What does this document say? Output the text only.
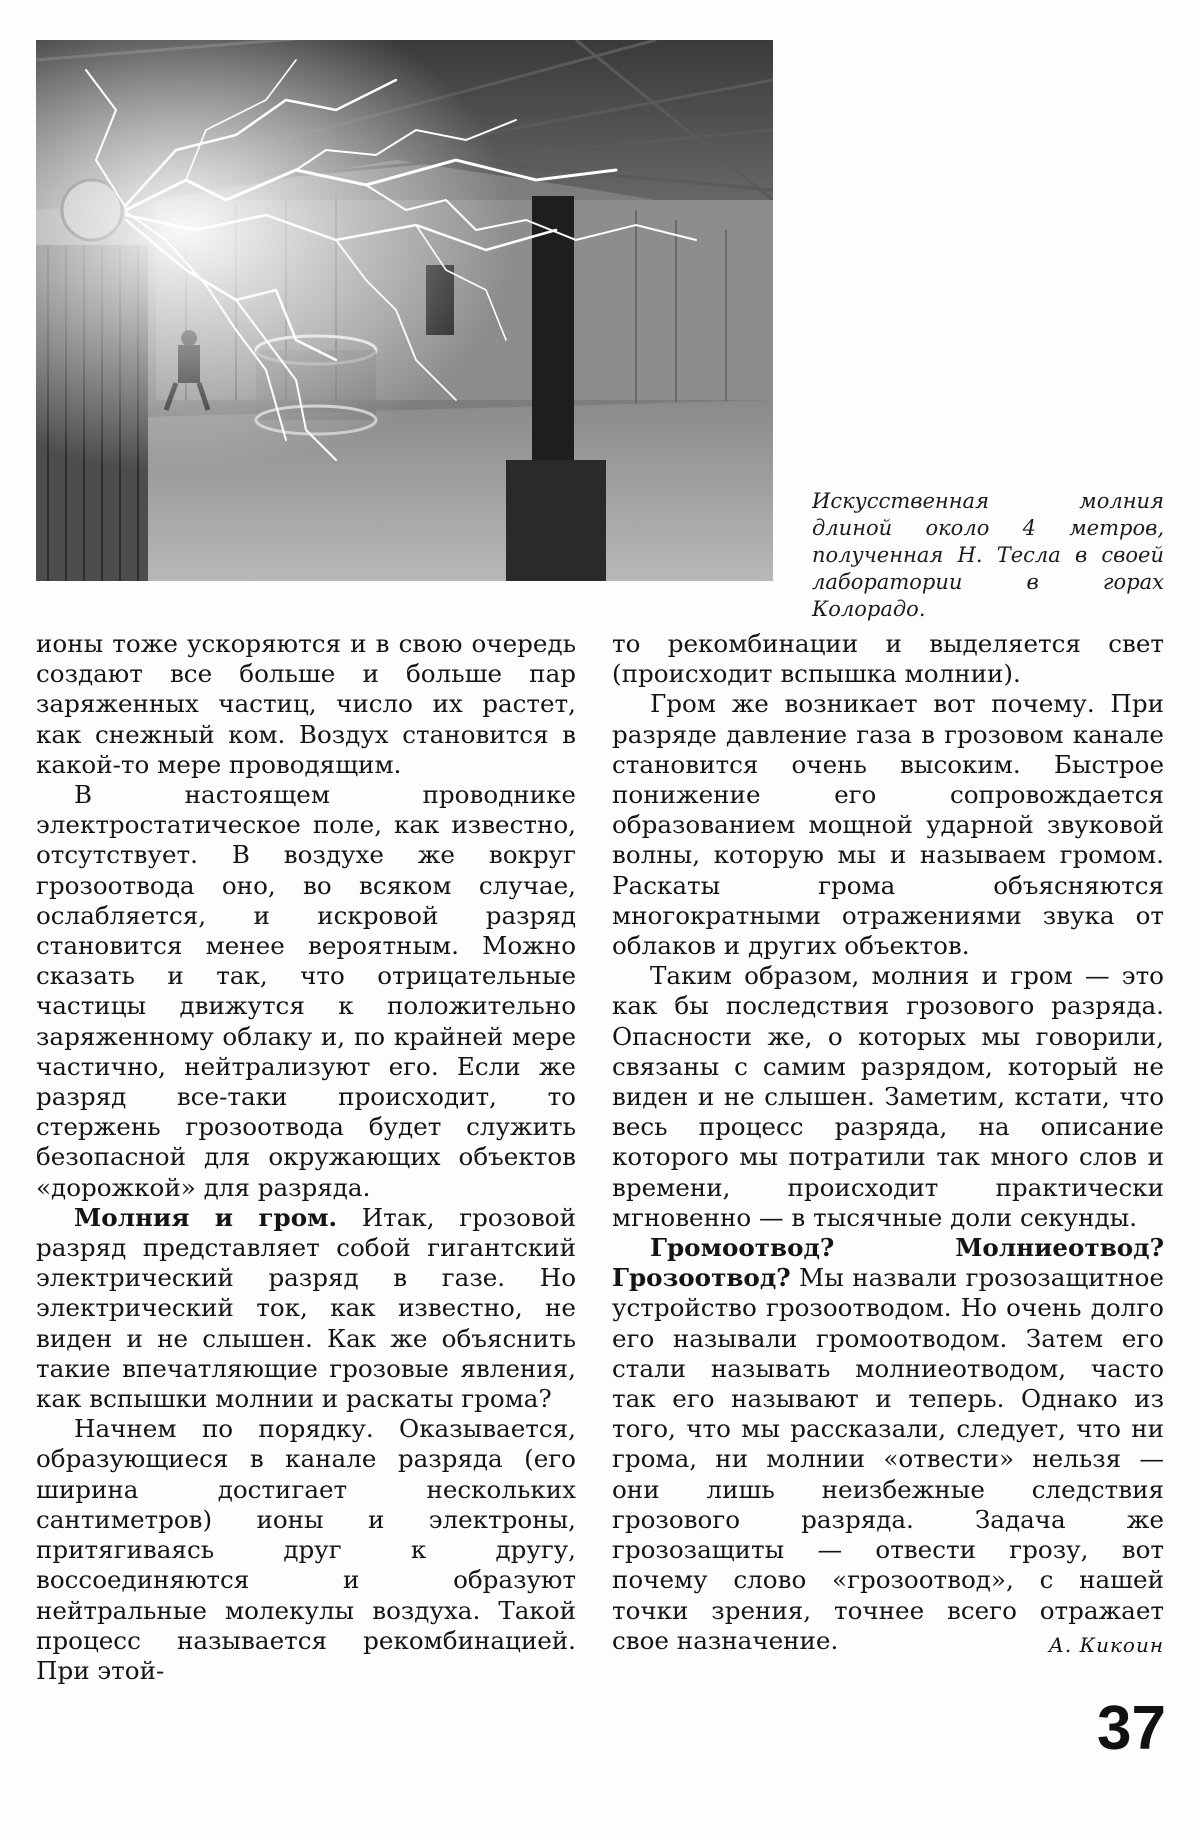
Искусственная молния длиной около 4 метров, полученная Н. Тесла в своей лаборатории в горах Колорадо.

ионы тоже ускоряются и в свою очередь создают все больше и больше пар заряженных частиц, число их растет, как снежный ком. Воздух становится в какой-то мере проводящим.

В настоящем проводнике электростатическое поле, как известно, отсутствует. В воздухе же вокруг грозоотвода оно, во всяком случае, ослабляется, и искровой разряд становится менее вероятным. Можно сказать и так, что отрицательные частицы движутся к положительно заряженному облаку и, по крайней мере частично, нейтрализуют его. Если же разряд все-таки происходит, то стержень грозоотвода будет служить безопасной для окружающих объектов «дорожкой» для разряда.

Молния и гром. Итак, грозовой разряд представляет собой гигантский электрический разряд в газе. Но электрический ток, как известно, не виден и не слышен. Как же объяснить такие впечатляющие грозовые явления, как вспышки молнии и раскаты грома?

Начнем по порядку. Оказывается, образующиеся в канале разряда (его ширина достигает нескольких сантиметров) ионы и электроны, притягиваясь друг к другу, воссоединяются и образуют нейтральные молекулы воздуха. Такой процесс называется рекомбинацией. При этой-

то рекомбинации и выделяется свет (происходит вспышка молнии).

Гром же возникает вот почему. При разряде давление газа в грозовом канале становится очень высоким. Быстрое понижение его сопровождается образованием мощной ударной звуковой волны, которую мы и называем громом. Раскаты грома объясняются многократными отражениями звука от облаков и других объектов.

Таким образом, молния и гром — это как бы последствия грозового разряда. Опасности же, о которых мы говорили, связаны с самим разрядом, который не виден и не слышен. Заметим, кстати, что весь процесс разряда, на описание которого мы потратили так много слов и времени, происходит практически мгновенно — в тысячные доли секунды.

Громоотвод? Молниеотвод? Грозоотвод? Мы назвали грозозащитное устройство грозоотводом. Но очень долго его называли громоотводом. Затем его стали называть молниеотводом, часто так его называют и теперь. Однако из того, что мы рассказали, следует, что ни грома, ни молнии «отвести» нельзя — они лишь неизбежные следствия грозового разряда. Задача же грозозащиты — отвести грозу, вот почему слово «грозоотвод», с нашей точки зрения, точнее всего отражает свое назначение.	А. Кикоин

37
